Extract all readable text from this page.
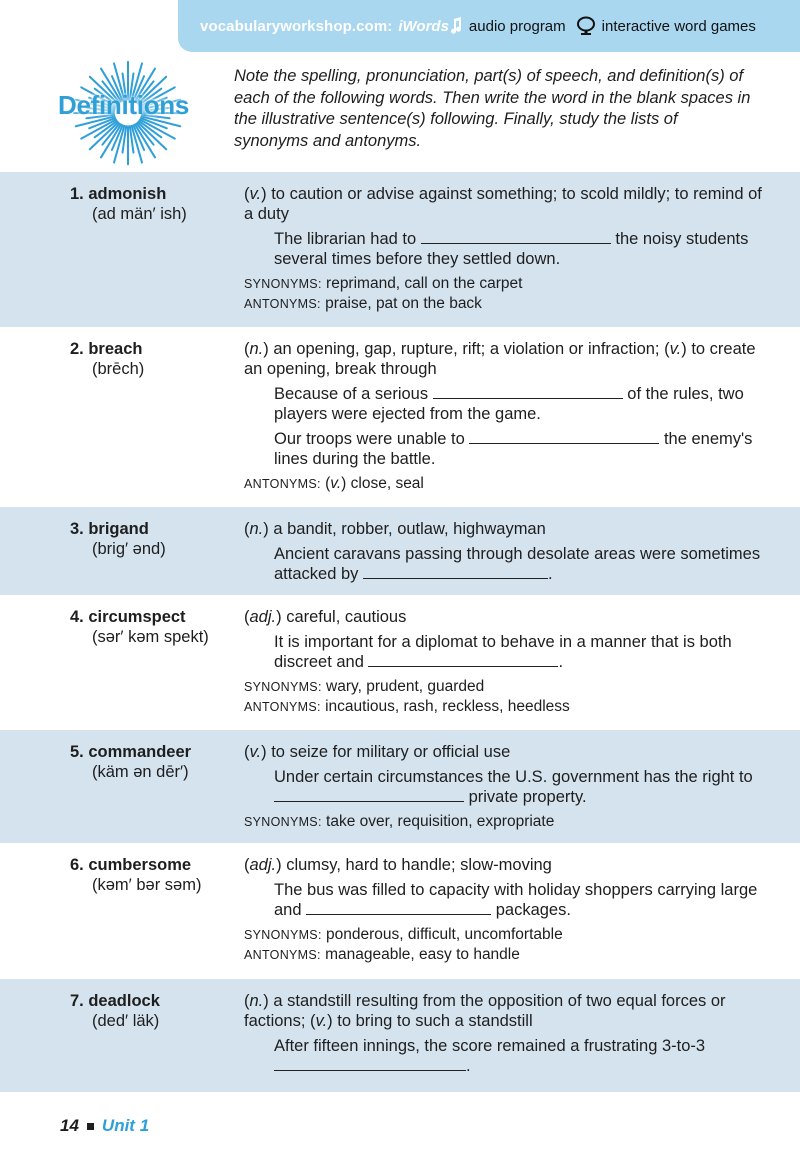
vocabularyworkshop.com: iWords audio program interactive word games
Definitions
Note the spelling, pronunciation, part(s) of speech, and definition(s) of each of the following words. Then write the word in the blank spaces in the illustrative sentence(s) following. Finally, study the lists of synonyms and antonyms.
1. admonish
(ad män′ ish)
(v.) to caution or advise against something; to scold mildly; to remind of a duty
The librarian had to	the noisy students several times before they settled down.
SYNONYMS: reprimand, call on the carpet
ANTONYMS: praise, pat on the back
2. breach
(brēch)
(n.) an opening, gap, rupture, rift; a violation or infraction; (v.) to create an opening, break through
Because of a serious	of the rules, two players were ejected from the game.
Our troops were unable to	the enemy's lines during the battle.
ANTONYMS: (v.) close, seal
3. brigand
(brig′ ənd)
(n.) a bandit, robber, outlaw, highwayman
Ancient caravans passing through desolate areas were sometimes attacked by	.
4. circumspect
(sər′ kəm spekt)
(adj.) careful, cautious
It is important for a diplomat to behave in a manner that is both discreet and	.
SYNONYMS: wary, prudent, guarded
ANTONYMS: incautious, rash, reckless, heedless
5. commandeer
(käm ən dēr′)
(v.) to seize for military or official use
Under certain circumstances the U.S. government has the right to  private property.
SYNONYMS: take over, requisition, expropriate
6. cumbersome
(kəm′ bər səm)
(adj.) clumsy, hard to handle; slow-moving
The bus was filled to capacity with holiday shoppers carrying large and	packages.
SYNONYMS: ponderous, difficult, uncomfortable
ANTONYMS: manageable, easy to handle
7. deadlock
(ded′ läk)
(n.) a standstill resulting from the opposition of two equal forces or factions; (v.) to bring to such a standstill
After fifteen innings, the score remained a frustrating 3-to-3 .
14 Unit 1
